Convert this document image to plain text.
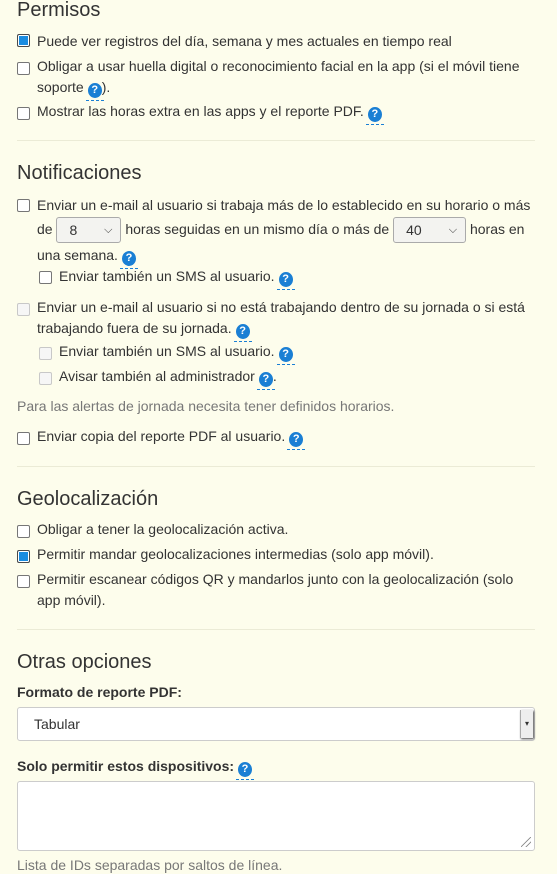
Permisos
Puede ver registros del día, semana y mes actuales en tiempo real
Obligar a usar huella digital o reconocimiento facial en la app (si el móvil tiene soporte ? ).
Mostrar las horas extra en las apps y el reporte PDF. ?
Notificaciones
Enviar un e-mail al usuario si trabaja más de lo establecido en su horario o más de 8 ⌵ horas seguidas en un mismo día o más de 40 ⌵ horas en una semana. ?
Enviar también un SMS al usuario. ?
Enviar un e-mail al usuario si no está trabajando dentro de su jornada o si está trabajando fuera de su jornada. ?
Enviar también un SMS al usuario. ?
Avisar también al administrador ? .
Para las alertas de jornada necesita tener definidos horarios.
Enviar copia del reporte PDF al usuario. ?
Geolocalización
Obligar a tener la geolocalización activa.
Permitir mandar geolocalizaciones intermedias (solo app móvil).
Permitir escanear códigos QR y mandarlos junto con la geolocalización (solo app móvil).
Otras opciones
Formato de reporte PDF:
Tabular	▾
Solo permitir estos dispositivos: ?
Lista de IDs separadas por saltos de línea.
